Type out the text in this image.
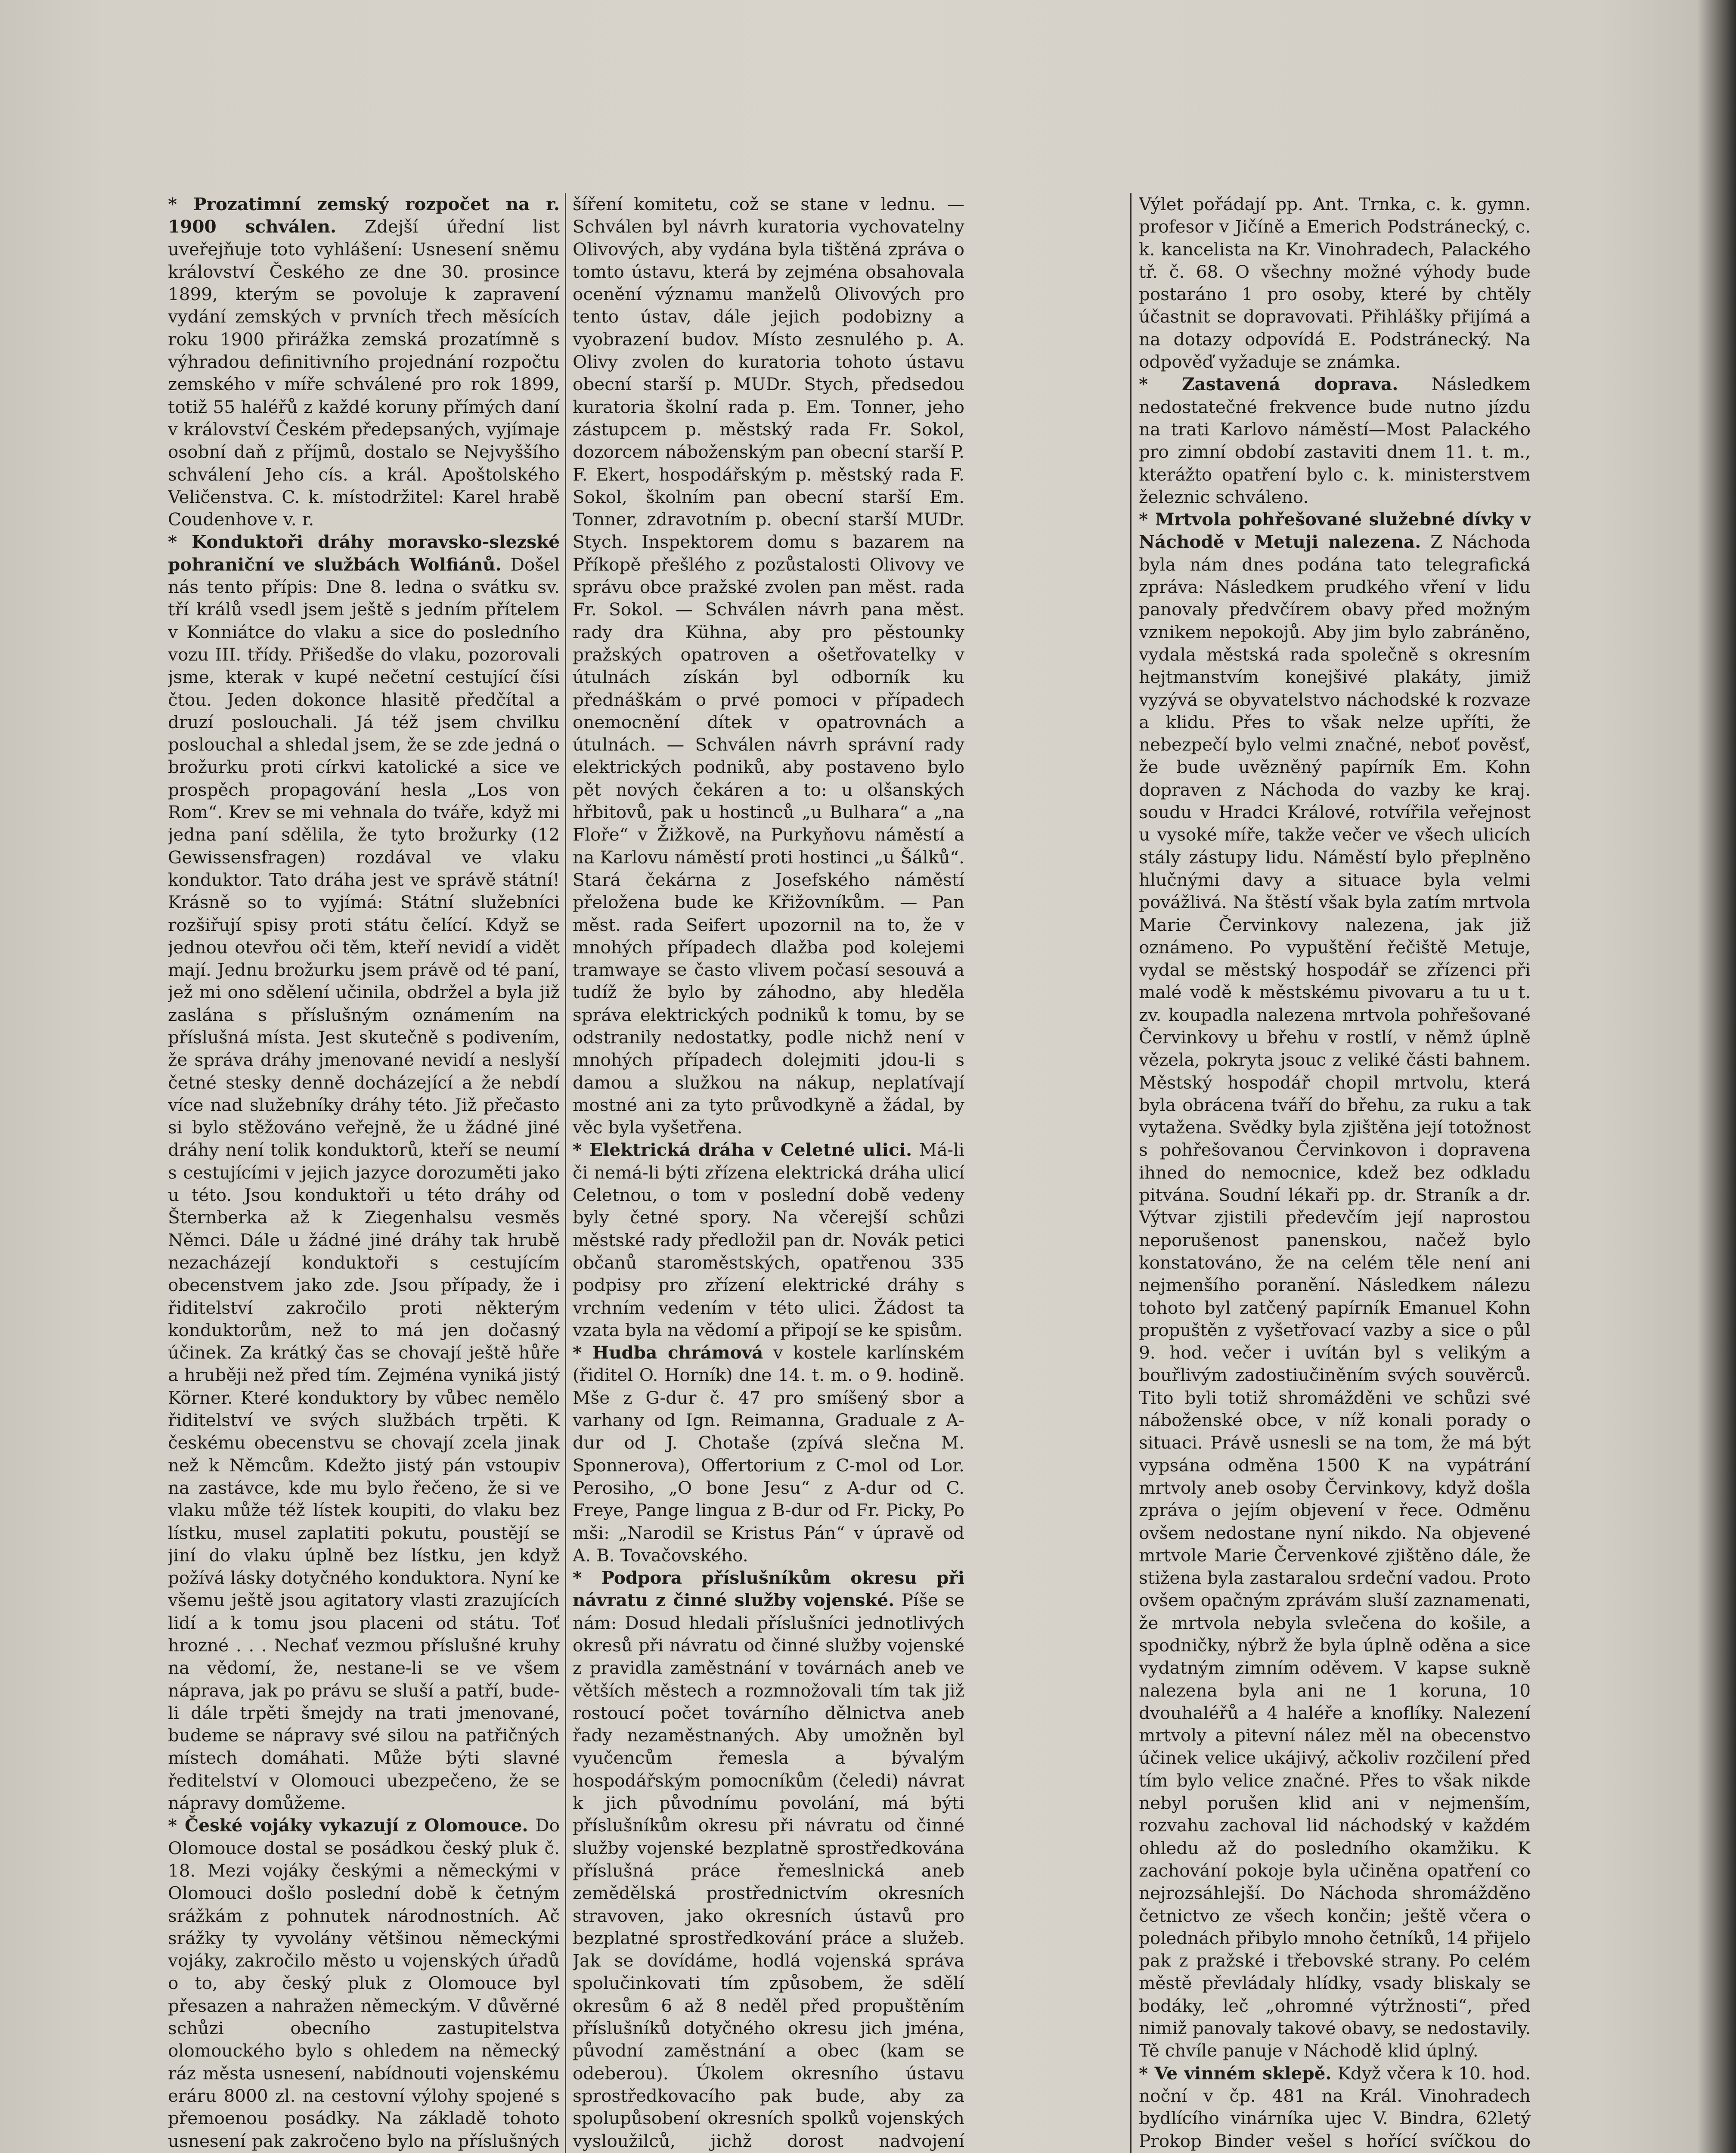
* Prozatimní zemský rozpočet na r. 1900 schválen. Zdejší úřední list uveřejňuje toto vyhlášení: Usnesení sněmu království Českého ze dne 30. prosince 1899, kterým se povoluje k zapravení vydání zemských v prvních třech měsících roku 1900 přirážka zemská prozatímně s výhradou definitivního projednání rozpočtu zemského v míře schválené pro rok 1899, totiž 55 haléřů z každé koruny přímých daní v království Českém předepsaných, vyjímaje osobní daň z příjmů, dostalo se Nejvyššího schválení Jeho cís. a král. Apoštolského Veličenstva. C. k. místodržitel: Karel hrabě Coudenhove v. r.

* Konduktoři dráhy moravsko-slezské pohraniční ve službách Wolfiánů. Došel nás tento přípis: Dne 8. ledna o svátku sv. tří králů vsedl jsem ještě s jedním přítelem v Konniátce do vlaku a sice do posledního vozu III. třídy. Přišedše do vlaku, pozorovali jsme, kterak v kupé nečetní cestující čísi čtou. Jeden dokonce hlasitě předčítal a druzí poslouchali. Já též jsem chvilku poslouchal a shledal jsem, že se zde jedná o brožurku proti církvi katolické a sice ve prospěch propagování hesla „Los von Rom“. Krev se mi vehnala do tváře, když mi jedna paní sdělila, že tyto brožurky (12 Gewissensfragen) rozdával ve vlaku konduktor. Tato dráha jest ve správě státní! Krásně so to vyjímá: Státní služebníci rozšiřují spisy proti státu čelící. Když se jednou otevřou oči těm, kteří nevidí a vidět mají. Jednu brožurku jsem právě od té paní, jež mi ono sdělení učinila, obdržel a byla již zaslána s příslušným oznámením na příslušná místa. Jest skutečně s podivením, že správa dráhy jmenované nevidí a neslyší četné stesky denně docházející a že nebdí více nad služebníky dráhy této. Již přečasto si bylo stěžováno veřejně, že u žádné jiné dráhy není tolik konduktorů, kteří se neumí s cestujícími v jejich jazyce dorozuměti jako u této. Jsou konduktoři u této dráhy od Šternberka až k Ziegenhalsu vesměs Němci. Dále u žádné jiné dráhy tak hrubě nezacházejí konduktoři s cestujícím obecenstvem jako zde. Jsou případy, že i řiditelství zakročilo proti některým konduktorům, než to má jen dočasný účinek. Za krátký čas se chovají ještě hůře a hruběji než před tím. Zejména vyniká jistý Körner. Které konduktory by vůbec nemělo řiditelství ve svých službách trpěti. K českému obecenstvu se chovají zcela jinak než k Němcům. Kdežto jistý pán vstoupiv na zastávce, kde mu bylo řečeno, že si ve vlaku může též lístek koupiti, do vlaku bez lístku, musel zaplatiti pokutu, poustějí se jiní do vlaku úplně bez lístku, jen když požívá lásky dotyčného konduktora. Nyní ke všemu ještě jsou agitatory vlasti zrazujících lidí a k tomu jsou placeni od státu. Toť hrozné . . . Nechať vezmou příslušné kruhy na vědomí, že, nestane-li se ve všem náprava, jak po právu se sluší a patří, bude-li dále trpěti šmejdy na trati jmenované, budeme se nápravy své silou na patřičných místech domáhati. Může býti slavné ředitelství v Olomouci ubezpečeno, že se nápravy domůžeme.

* České vojáky vykazují z Olomouce. Do Olomouce dostal se posádkou český pluk č. 18. Mezi vojáky českými a německými v Olomouci došlo poslední době k četným srážkám z pohnutek národnostních. Ač srážky ty vyvolány většinou německými vojáky, zakročilo město u vojenských úřadů o to, aby český pluk z Olomouce byl přesazen a nahražen německým. V důvěrné schůzi obecního zastupitelstva olomouckého bylo s ohledem na německý ráz města usnesení, nabídnouti vojenskému eráru 8000 zl. na cestovní výlohy spojené s přemoenou posádky. Na základě tohoto usnesení pak zakročeno bylo na příslušných

šíření komitetu, což se stane v lednu. — Schválen byl návrh kuratoria vychovatelny Olivových, aby vydána byla tištěná zpráva o tomto ústavu, která by zejména obsahovala ocenění významu manželů Olivových pro tento ústav, dále jejich podobizny a vyobrazení budov. Místo zesnulého p. A. Olivy zvolen do kuratoria tohoto ústavu obecní starší p. MUDr. Stych, předsedou kuratoria školní rada p. Em. Tonner, jeho zástupcem p. městský rada Fr. Sokol, dozorcem náboženským pan obecní starší P. F. Ekert, hospodářským p. městský rada F. Sokol, školním pan obecní starší Em. Tonner, zdravotním p. obecní starší MUDr. Stych. Inspektorem domu s bazarem na Příkopě přešlého z pozůstalosti Olivovy ve správu obce pražské zvolen pan měst. rada Fr. Sokol. — Schválen návrh pana měst. rady dra Kühna, aby pro pěstounky pražských opatroven a ošetřovatelky v útulnách získán byl odborník ku přednáškám o prvé pomoci v případech onemocnění dítek v opatrovnách a útulnách. — Schválen návrh správní rady elektrických podniků, aby postaveno bylo pět nových čekáren a to: u olšanských hřbitovů, pak u hostinců „u Bulhara“ a „na Floře“ v Žižkově, na Purkyňovu náměstí a na Karlovu náměstí proti hostinci „u Šálků“. Stará čekárna z Josefského náměstí přeložena bude ke Křižovníkům. — Pan měst. rada Seifert upozornil na to, že v mnohých případech dlažba pod kolejemi tramwaye se často vlivem počasí sesouvá a tudíž že bylo by záhodno, aby hleděla správa elektrických podniků k tomu, by se odstranily nedostatky, podle nichž není v mnohých případech dolejmiti jdou-li s damou a služkou na nákup, neplatívají mostné ani za tyto průvodkyně a žádal, by věc byla vyšetřena.

* Elektrická dráha v Celetné ulici. Má-li či nemá-li býti zřízena elektrická dráha ulicí Celetnou, o tom v poslední době vedeny byly četné spory. Na včerejší schůzi městské rady předložil pan dr. Novák petici občanů staroměstských, opatřenou 335 podpisy pro zřízení elektrické dráhy s vrchním vedením v této ulici. Žádost ta vzata byla na vědomí a připojí se ke spisům.

* Hudba chrámová v kostele karlínském (řiditel O. Horník) dne 14. t. m. o 9. hodině. Mše z G-dur č. 47 pro smíšený sbor a varhany od Ign. Reimanna, Graduale z A-dur od J. Chotaše (zpívá slečna M. Sponnerova), Offertorium z C-mol od Lor. Perosiho, „O bone Jesu“ z A-dur od C. Freye, Pange lingua z B-dur od Fr. Picky, Po mši: „Narodil se Kristus Pán“ v úpravě od A. B. Tovačovského.

* Podpora příslušníkům okresu při návratu z činné služby vojenské. Píše se nám: Dosud hledali příslušníci jednotlivých okresů při návratu od činné služby vojenské z pravidla zaměstnání v továrnách aneb ve větších městech a rozmnožovali tím tak již rostoucí počet továrního dělnictva aneb řady nezaměstnaných. Aby umožněn byl vyučencům řemesla a bývalým hospodářským pomocníkům (čeledi) návrat k jich původnímu povolání, má býti příslušníkům okresu při návratu od činné služby vojenské bezplatně sprostředkována příslušná práce řemeslnická aneb zemědělská prostřednictvím okresních stravoven, jako okresních ústavů pro bezplatné sprostředkování práce a služeb. Jak se dovídáme, hodlá vojenská správa spolučinkovati tím způsobem, že sdělí okresům 6 až 8 neděl před propuštěním příslušníků dotyčného okresu jich jména, původní zaměstnání a obec (kam se odeberou). Úkolem okresního ústavu sprostředkovacího pak bude, aby za spolupůsobení okresních spolků vojenských vysloužilců, jichž dorost nadvojení

Výlet pořádají pp. Ant. Trnka, c. k. gymn. profesor v Jičíně a Emerich Podstránecký, c. k. kancelista na Kr. Vinohradech, Palackého tř. č. 68. O všechny možné výhody bude postaráno 1 pro osoby, které by chtěly účastnit se dopravovati. Přihlášky přijímá a na dotazy odpovídá E. Podstránecký. Na odpověď vyžaduje se známka.

* Zastavená doprava. Následkem nedostatečné frekvence bude nutno jízdu na trati Karlovo náměstí—Most Palackého pro zimní období zastaviti dnem 11. t. m., kterážto opatření bylo c. k. ministerstvem železnic schváleno.

* Mrtvola pohřešované služebné dívky v Náchodě v Metuji nalezena. Z Náchoda byla nám dnes podána tato telegrafická zpráva: Následkem prudkého vření v lidu panovaly předvčírem obavy před možným vznikem nepokojů. Aby jim bylo zabráněno, vydala městská rada společně s okresním hejtmanstvím konejšivé plakáty, jimiž vyzývá se obyvatelstvo náchodské k rozvaze a klidu. Přes to však nelze upříti, že nebezpečí bylo velmi značné, neboť pověsť, že bude uvězněný papírník Em. Kohn dopraven z Náchoda do vazby ke kraj. soudu v Hradci Králové, rotvířila veřejnost u vysoké míře, takže večer ve všech ulicích stály zástupy lidu. Náměstí bylo přeplněno hlučnými davy a situace byla velmi povážlivá. Na štěstí však byla zatím mrtvola Marie Červinkovy nalezena, jak již oznámeno. Po vypuštění řečiště Metuje, vydal se městský hospodář se zřízenci při malé vodě k městskému pivovaru a tu u t. zv. koupadla nalezena mrtvola pohřešované Červinkovy u břehu v rostlí, v němž úplně vězela, pokryta jsouc z veliké části bahnem. Městský hospodář chopil mrtvolu, která byla obrácena tváří do břehu, za ruku a tak vytažena. Svědky byla zjištěna její totožnost s pohřešovanou Červinkovon i dopravena ihned do nemocnice, kdež bez odkladu pitvána. Soudní lékaři pp. dr. Straník a dr. Výtvar zjistili předevčím její naprostou neporušenost panenskou, načež bylo konstatováno, že na celém těle není ani nejmenšího poranění. Následkem nálezu tohoto byl zatčený papírník Emanuel Kohn propuštěn z vyšetřovací vazby a sice o půl 9. hod. večer i uvítán byl s velikým a bouřlivým zadostiučiněním svých souvěrců. Tito byli totiž shromážděni ve schůzi své náboženské obce, v níž konali porady o situaci. Právě usnesli se na tom, že má být vypsána odměna 1500 K na vypátrání mrtvoly aneb osoby Červinkovy, když došla zpráva o jejím objevení v řece. Odměnu ovšem nedostane nyní nikdo. Na objevené mrtvole Marie Červenkové zjištěno dále, že stižena byla zastaralou srdeční vadou. Proto ovšem opačným zprávám sluší zaznamenati, že mrtvola nebyla svlečena do košile, a spodničky, nýbrž že byla úplně oděna a sice vydatným zimním oděvem. V kapse sukně nalezena byla ani ne 1 koruna, 10 dvouhaléřů a 4 haléře a knoflíky. Nalezení mrtvoly a pitevní nález měl na obecenstvo účinek velice ukájivý, ačkoliv rozčilení před tím bylo velice značné. Přes to však nikde nebyl porušen klid ani v nejmenším, rozvahu zachoval lid náchodský v každém ohledu až do posledního okamžiku. K zachování pokoje byla učiněna opatření co nejrozsáhlejší. Do Náchoda shromážděno četnictvo ze všech končin; ještě včera o polednách přibylo mnoho četníků, 14 přijelo pak z pražské i třebovské strany. Po celém městě převládaly hlídky, vsady bliskaly se bodáky, leč „ohromné výtržnosti“, před nimiž panovaly takové obavy, se nedostavily. Tě chvíle panuje v Náchodě klid úplný.

* Ve vinném sklepě. Když včera k 10. hod. noční v čp. 481 na Král. Vinohradech bydlícího vinárníka ujec V. Bindra, 62letý Prokop Binder vešel s hořící svíčkou do
